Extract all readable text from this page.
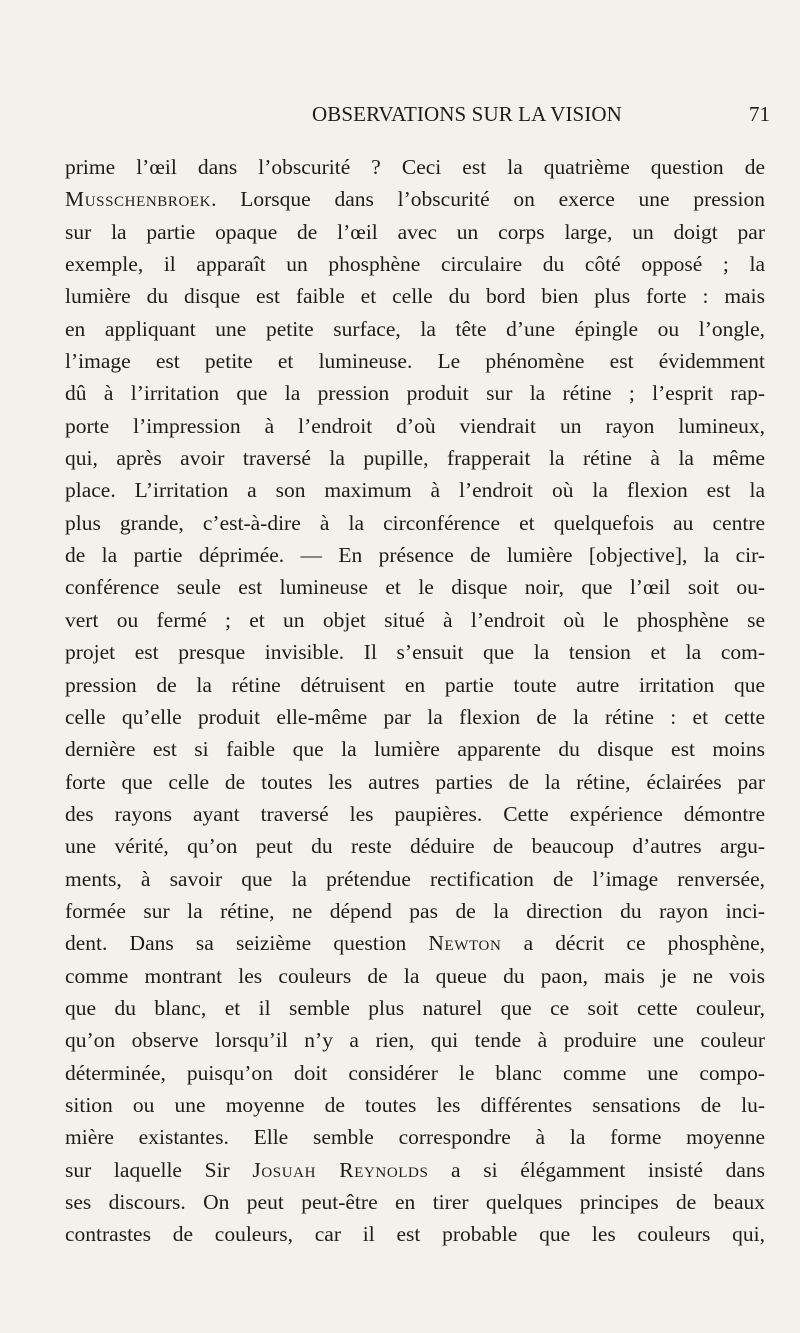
OBSERVATIONS SUR LA VISION	71
prime l’œil dans l’obscurité ? Ceci est la quatrième question de
Musschenbroek. Lorsque dans l’obscurité on exerce une pression
sur la partie opaque de l’œil avec un corps large, un doigt par
exemple, il apparaît un phosphène circulaire du côté opposé ; la
lumière du disque est faible et celle du bord bien plus forte : mais
en appliquant une petite surface, la tête d’une épingle ou l’ongle,
l’image est petite et lumineuse. Le phénomène est évidemment
dû à l’irritation que la pression produit sur la rétine ; l’esprit rap-
porte l’impression à l’endroit d’où viendrait un rayon lumineux,
qui, après avoir traversé la pupille, frapperait la rétine à la même
place. L’irritation a son maximum à l’endroit où la flexion est la
plus grande, c’est-à-dire à la circonférence et quelquefois au centre
de la partie déprimée. — En présence de lumière [objective], la cir-
conférence seule est lumineuse et le disque noir, que l’œil soit ou-
vert ou fermé ; et un objet situé à l’endroit où le phosphène se
projet est presque invisible. Il s’ensuit que la tension et la com-
pression de la rétine détruisent en partie toute autre irritation que
celle qu’elle produit elle-même par la flexion de la rétine : et cette
dernière est si faible que la lumière apparente du disque est moins
forte que celle de toutes les autres parties de la rétine, éclairées par
des rayons ayant traversé les paupières. Cette expérience démontre
une vérité, qu’on peut du reste déduire de beaucoup d’autres argu-
ments, à savoir que la prétendue rectification de l’image renversée,
formée sur la rétine, ne dépend pas de la direction du rayon inci-
dent. Dans sa seizième question Newton a décrit ce phosphène,
comme montrant les couleurs de la queue du paon, mais je ne vois
que du blanc, et il semble plus naturel que ce soit cette couleur,
qu’on observe lorsqu’il n’y a rien, qui tende à produire une couleur
déterminée, puisqu’on doit considérer le blanc comme une compo-
sition ou une moyenne de toutes les différentes sensations de lu-
mière existantes. Elle semble correspondre à la forme moyenne
sur laquelle Sir Josuah Reynolds a si élégamment insisté dans
ses discours. On peut peut-être en tirer quelques principes de beaux
contrastes de couleurs, car il est probable que les couleurs qui,
